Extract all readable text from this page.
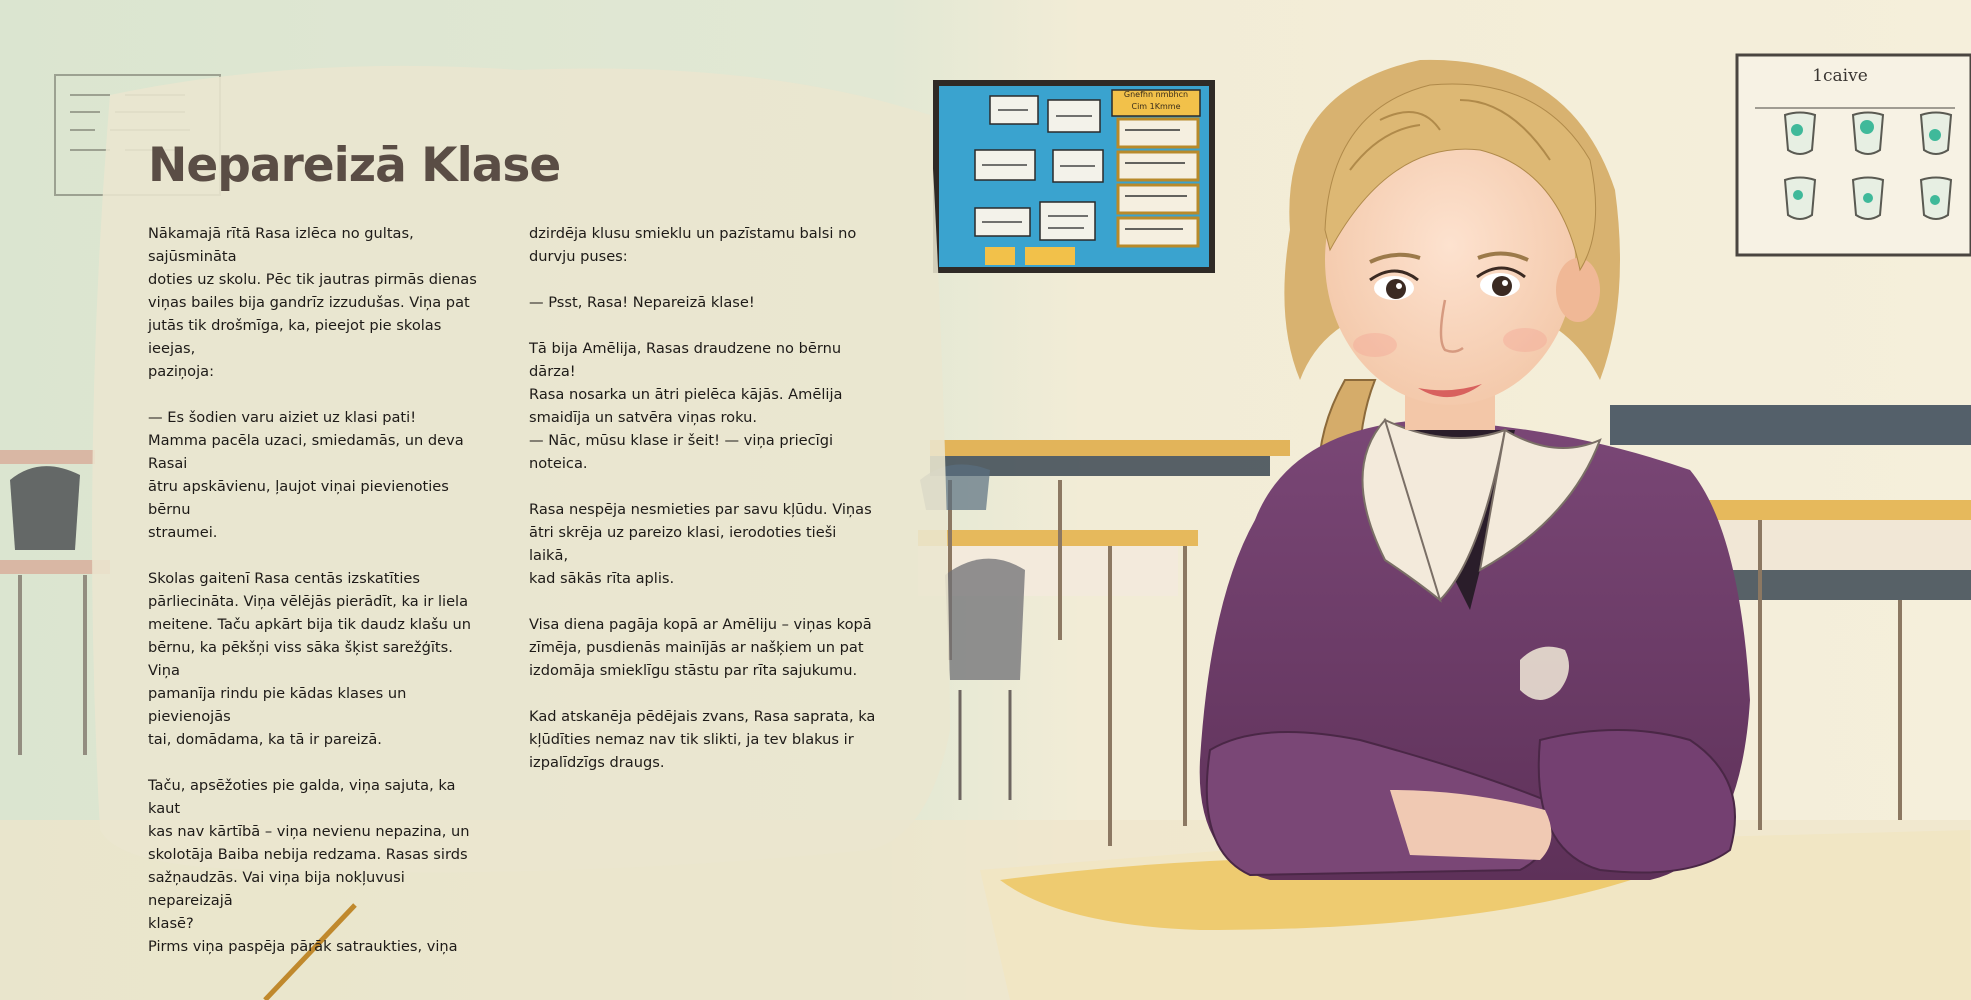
Nepareizā Klase

Nākamajā rītā Rasa izlēca no gultas, sajūsmināta
doties uz skolu. Pēc tik jautras pirmās dienas
viņas bailes bija gandrīz izzudušas. Viņa pat
jutās tik drošmīga, ka, pieejot pie skolas ieejas,
paziņoja:

— Es šodien varu aiziet uz klasi pati!
Mamma pacēla uzaci, smiedamās, un deva Rasai
ātru apskāvienu, ļaujot viņai pievienoties bērnu
straumei.

Skolas gaitenī Rasa centās izskatīties
pārliecināta. Viņa vēlējās pierādīt, ka ir liela
meitene. Taču apkārt bija tik daudz klašu un
bērnu, ka pēkšņi viss sāka šķist sarežģīts. Viņa
pamanīja rindu pie kādas klases un pievienojās
tai, domādama, ka tā ir pareizā.

Taču, apsēžoties pie galda, viņa sajuta, ka kaut
kas nav kārtībā – viņa nevienu nepazina, un
skolotāja Baiba nebija redzama. Rasas sirds
sažņaudzās. Vai viņa bija nokļuvusi nepareizajā
klasē?
Pirms viņa paspēja pārāk satraukties, viņa

dzirdēja klusu smieklu un pazīstamu balsi no
durvju puses:

— Psst, Rasa! Nepareizā klase!

Tā bija Amēlija, Rasas draudzene no bērnu dārza!
Rasa nosarka un ātri pielēca kājās. Amēlija
smaidīja un satvēra viņas roku.
— Nāc, mūsu klase ir šeit! — viņa priecīgi
noteica.

Rasa nespēja nesmieties par savu kļūdu. Viņas
ātri skrēja uz pareizo klasi, ierodoties tieši laikā,
kad sākās rīta aplis.

Visa diena pagāja kopā ar Amēliju – viņas kopā
zīmēja, pusdienās mainījās ar našķiem un pat
izdomāja smieklīgu stāstu par rīta sajukumu.

Kad atskanēja pēdējais zvans, Rasa saprata, ka
kļūdīties nemaz nav tik slikti, ja tev blakus ir
izpalīdzīgs draugs.

Gnefhn nmbhcn
Cim 1Kmme
1caive
